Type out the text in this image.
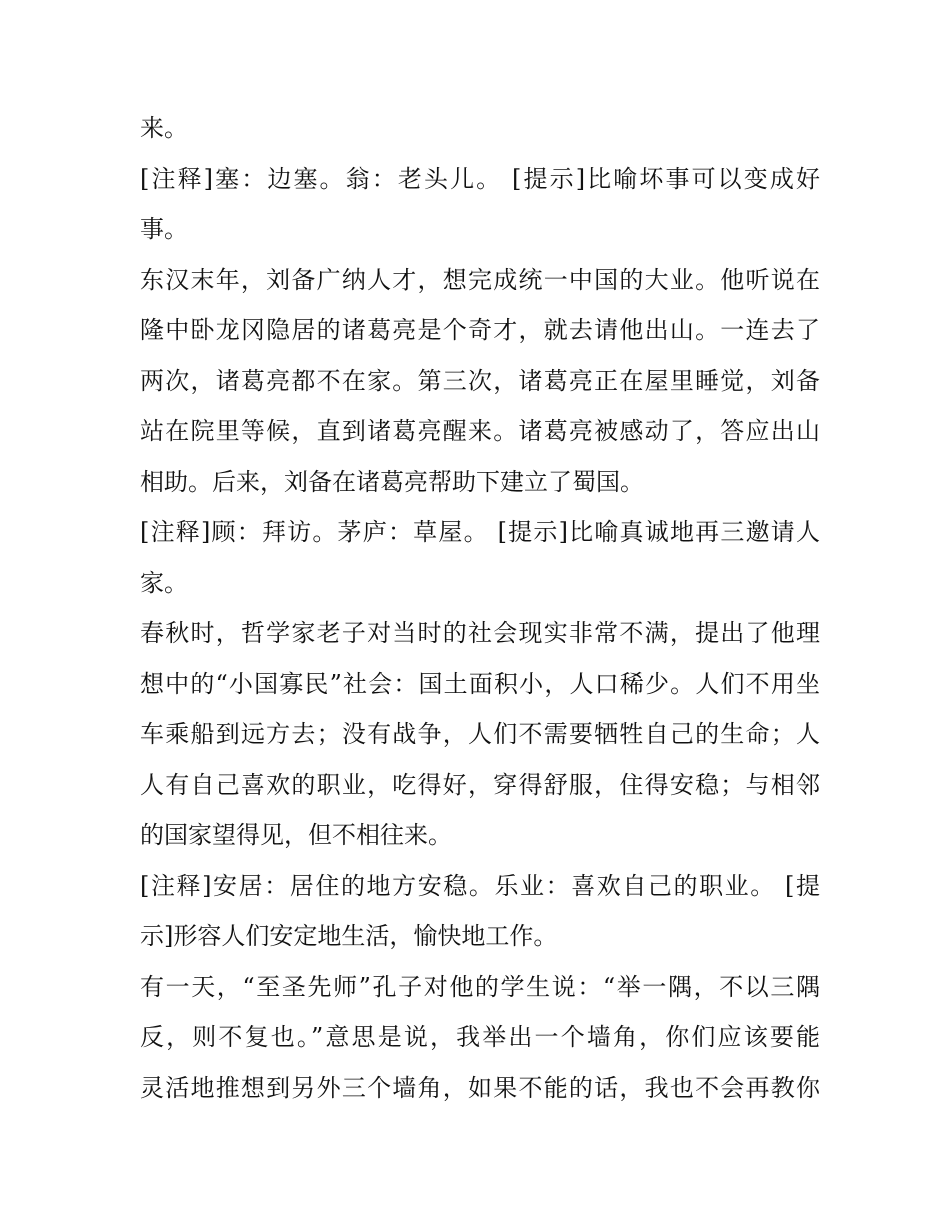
来。
[注释]塞：边塞。翁：老头儿。 [提示]比喻坏事可以变成好
事。
东汉末年，刘备广纳人才，想完成统一中国的大业。他听说在
隆中卧龙冈隐居的诸葛亮是个奇才，就去请他出山。一连去了
两次，诸葛亮都不在家。第三次，诸葛亮正在屋里睡觉，刘备
站在院里等候，直到诸葛亮醒来。诸葛亮被感动了，答应出山
相助。后来，刘备在诸葛亮帮助下建立了蜀国。
[注释]顾：拜访。茅庐：草屋。 [提示]比喻真诚地再三邀请人
家。
春秋时，哲学家老子对当时的社会现实非常不满，提出了他理
想中的“小国寡民”社会：国土面积小，人口稀少。人们不用坐
车乘船到远方去；没有战争，人们不需要牺牲自己的生命；人
人有自己喜欢的职业，吃得好，穿得舒服，住得安稳；与相邻
的国家望得见，但不相往来。
[注释]安居：居住的地方安稳。乐业：喜欢自己的职业。 [提
示]形容人们安定地生活，愉快地工作。
有一天，“至圣先师”孔子对他的学生说：“举一隅，不以三隅
反，则不复也。”意思是说，我举出一个墙角，你们应该要能
灵活地推想到另外三个墙角，如果不能的话，我也不会再教你
